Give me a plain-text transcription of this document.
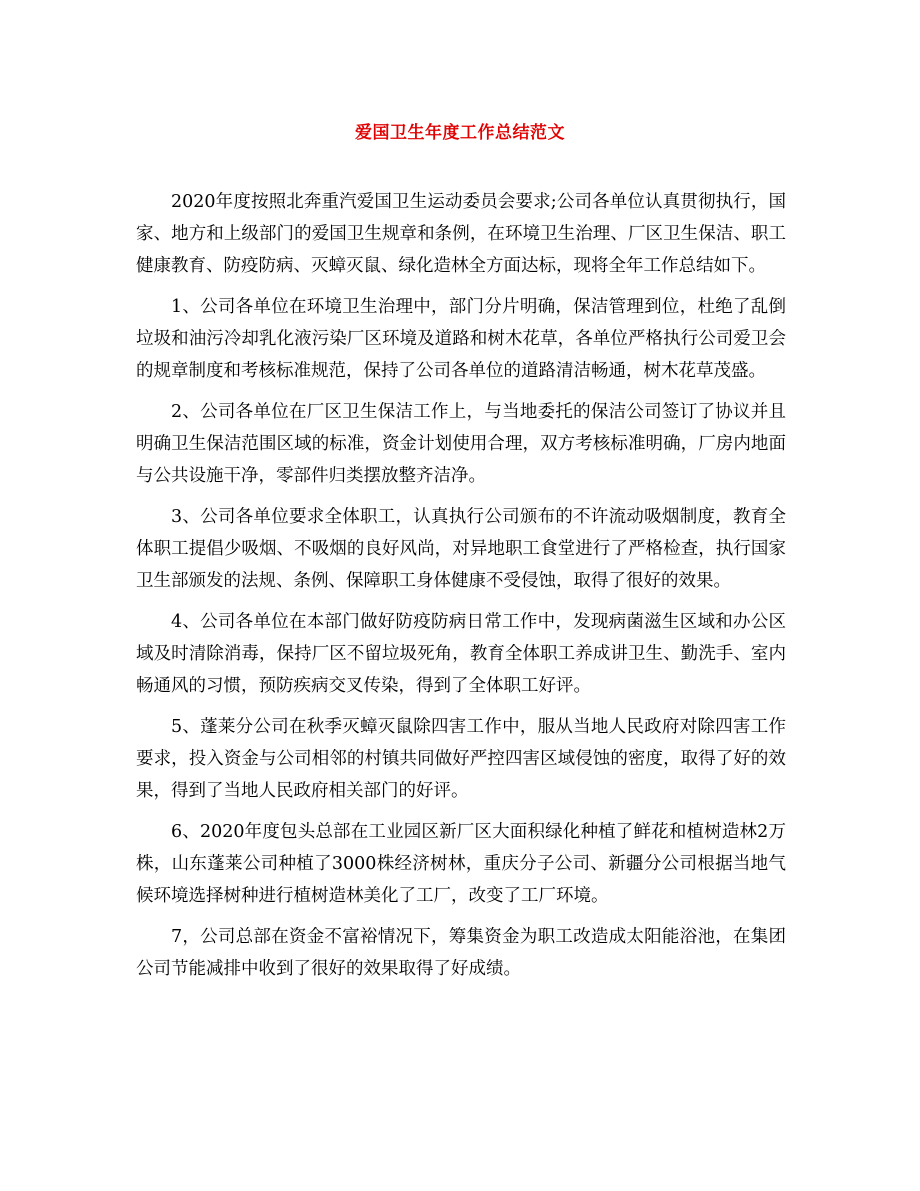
爱国卫生年度工作总结范文

2020年度按照北奔重汽爱国卫生运动委员会要求;公司各单位认真贯彻执行，国家、地方和上级部门的爱国卫生规章和条例，在环境卫生治理、厂区卫生保洁、职工健康教育、防疫防病、灭蟑灭鼠、绿化造林全方面达标，现将全年工作总结如下。

1、公司各单位在环境卫生治理中，部门分片明确，保洁管理到位，杜绝了乱倒垃圾和油污冷却乳化液污染厂区环境及道路和树木花草，各单位严格执行公司爱卫会的规章制度和考核标准规范，保持了公司各单位的道路清洁畅通，树木花草茂盛。

2、公司各单位在厂区卫生保洁工作上，与当地委托的保洁公司签订了协议并且明确卫生保洁范围区域的标准，资金计划使用合理，双方考核标准明确，厂房内地面与公共设施干净，零部件归类摆放整齐洁净。

3、公司各单位要求全体职工，认真执行公司颁布的不许流动吸烟制度，教育全体职工提倡少吸烟、不吸烟的良好风尚，对异地职工食堂进行了严格检查，执行国家卫生部颁发的法规、条例、保障职工身体健康不受侵蚀，取得了很好的效果。

4、公司各单位在本部门做好防疫防病日常工作中，发现病菌滋生区域和办公区域及时清除消毒，保持厂区不留垃圾死角，教育全体职工养成讲卫生、勤洗手、室内畅通风的习惯，预防疾病交叉传染，得到了全体职工好评。

5、蓬莱分公司在秋季灭蟑灭鼠除四害工作中，服从当地人民政府对除四害工作要求，投入资金与公司相邻的村镇共同做好严控四害区域侵蚀的密度，取得了好的效果，得到了当地人民政府相关部门的好评。

6、2020年度包头总部在工业园区新厂区大面积绿化种植了鲜花和植树造林2万株，山东蓬莱公司种植了3000株经济树林，重庆分子公司、新疆分公司根据当地气候环境选择树种进行植树造林美化了工厂，改变了工厂环境。

7，公司总部在资金不富裕情况下，筹集资金为职工改造成太阳能浴池，在集团公司节能减排中收到了很好的效果取得了好成绩。
